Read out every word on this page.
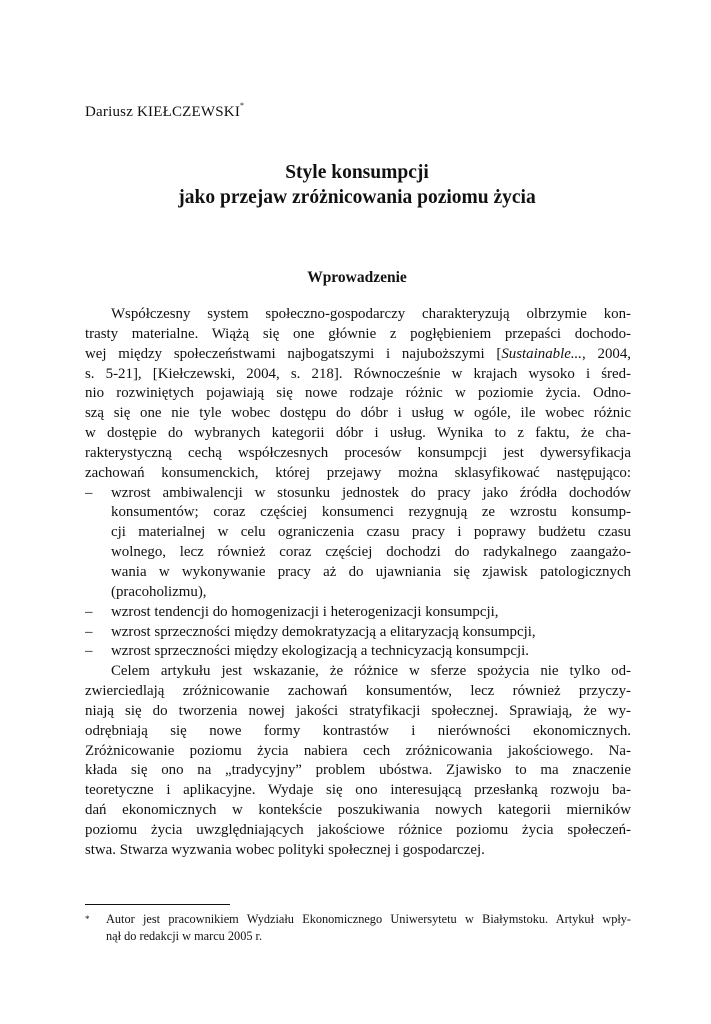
Dariusz KIEŁCZEWSKI*
Style konsumpcji
jako przejaw zróżnicowania poziomu życia
Wprowadzenie
Współczesny system społeczno-gospodarczy charakteryzują olbrzymie kon-
trasty materialne. Wiążą się one głównie z pogłębieniem przepaści dochodo-
wej między społeczeństwami najbogatszymi i najuboższymi [Sustainable..., 2004,
s. 5-21], [Kiełczewski, 2004, s. 218]. Równocześnie w krajach wysoko i śred-
nio rozwiniętych pojawiają się nowe rodzaje różnic w poziomie życia. Odno-
szą się one nie tyle wobec dostępu do dóbr i usług w ogóle, ile wobec różnic
w dostępie do wybranych kategorii dóbr i usług. Wynika to z faktu, że cha-
rakterystyczną cechą współczesnych procesów konsumpcji jest dywersyfikacja
zachowań konsumenckich, której przejawy można sklasyfikować następująco:
–	wzrost ambiwalencji w stosunku jednostek do pracy jako źródła dochodów
konsumentów; coraz częściej konsumenci rezygnują ze wzrostu konsump-
cji materialnej w celu ograniczenia czasu pracy i poprawy budżetu czasu
wolnego, lecz również coraz częściej dochodzi do radykalnego zaangażo-
wania w wykonywanie pracy aż do ujawniania się zjawisk patologicznych
(pracoholizmu),
–	wzrost tendencji do homogenizacji i heterogenizacji konsumpcji,
–	wzrost sprzeczności między demokratyzacją a elitaryzacją konsumpcji,
–	wzrost sprzeczności między ekologizacją a technicyzacją konsumpcji.
Celem artykułu jest wskazanie, że różnice w sferze spożycia nie tylko od-
zwierciedlają zróżnicowanie zachowań konsumentów, lecz również przyczy-
niają się do tworzenia nowej jakości stratyfikacji społecznej. Sprawiają, że wy-
odrębniają się nowe formy kontrastów i nierówności ekonomicznych.
Zróżnicowanie poziomu życia nabiera cech zróżnicowania jakościowego. Na-
kłada się ono na „tradycyjny” problem ubóstwa. Zjawisko to ma znaczenie
teoretyczne i aplikacyjne. Wydaje się ono interesującą przesłanką rozwoju ba-
dań ekonomicznych w kontekście poszukiwania nowych kategorii mierników
poziomu życia uwzględniających jakościowe różnice poziomu życia społeczeń-
stwa. Stwarza wyzwania wobec polityki społecznej i gospodarczej.
*	Autor jest pracownikiem Wydziału Ekonomicznego Uniwersytetu w Białymstoku. Artykuł wpły-
nął do redakcji w marcu 2005 r.
